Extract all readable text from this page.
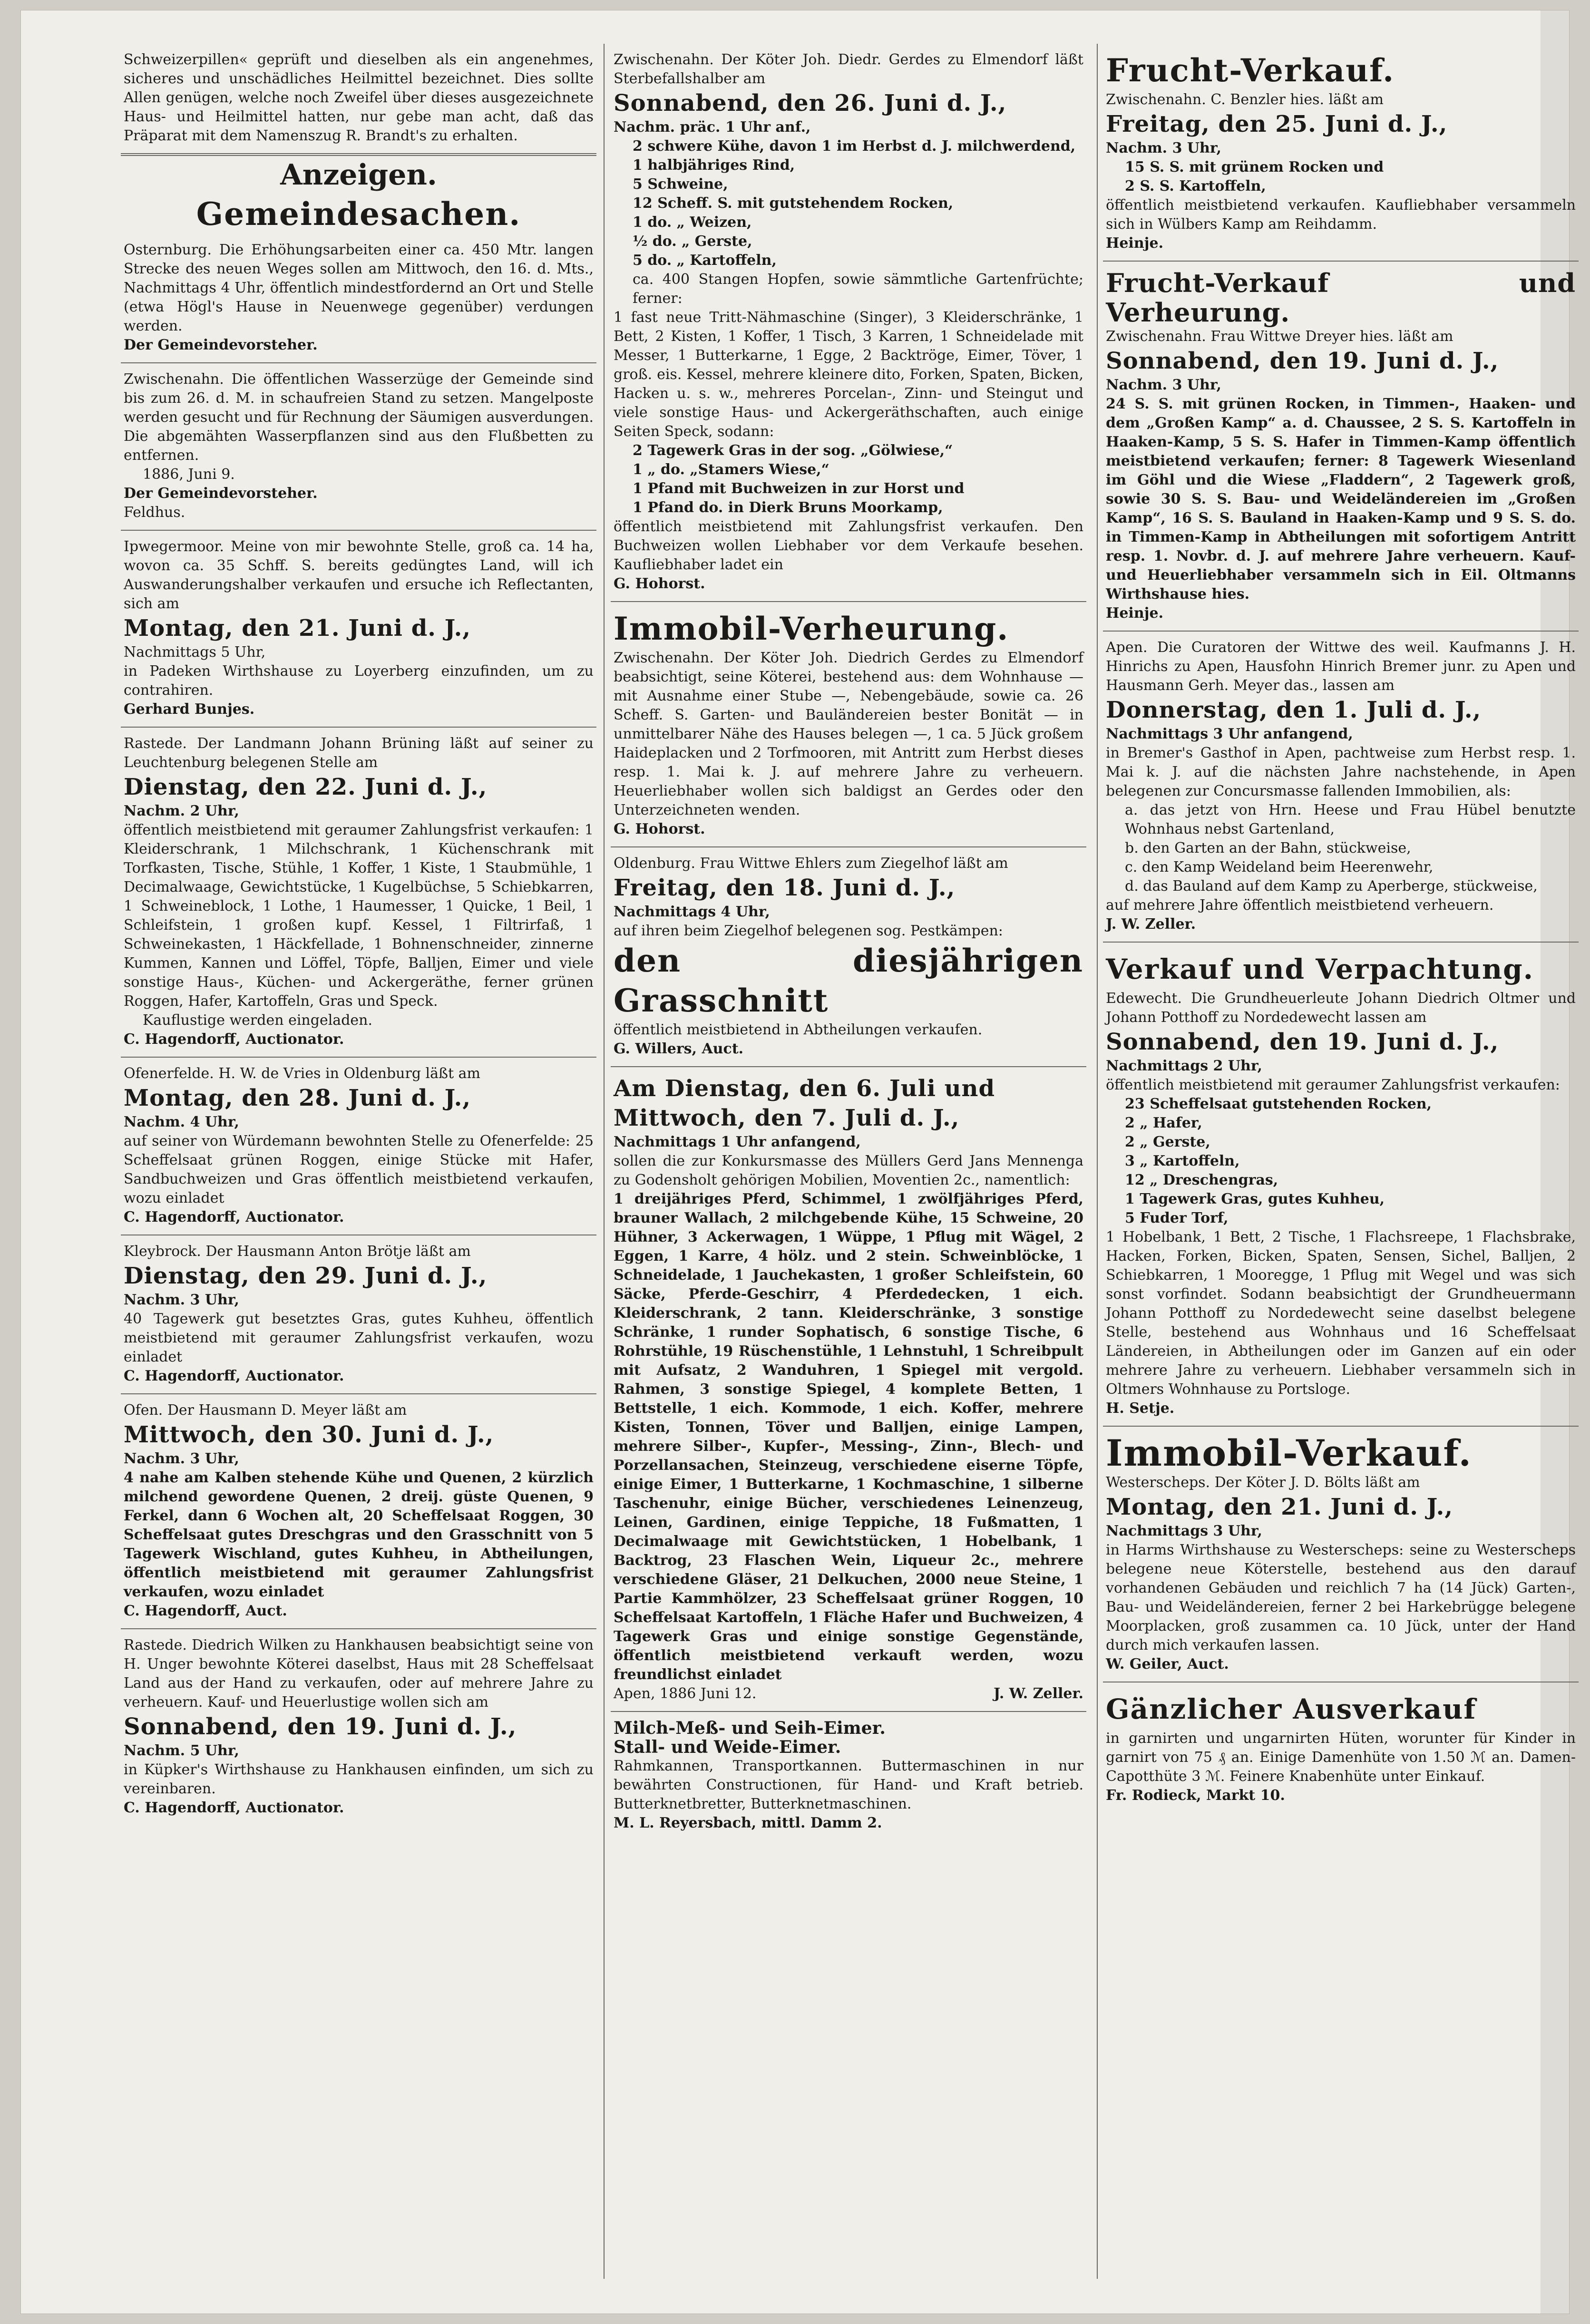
Schweizerpillen« geprüft und dieselben als ein angenehmes, sicheres und unschädliches Heilmittel bezeichnet. Dies sollte Allen genügen, welche noch Zweifel über dieses ausgezeichnete Haus- und Heilmittel hatten, nur gebe man acht, daß das Präparat mit dem Namenszug R. Brandt's zu erhalten.

Anzeigen.
Gemeindesachen.

Osternburg. Die Erhöhungsarbeiten einer ca. 450 Mtr. langen Strecke des neuen Weges sollen am Mittwoch, den 16. d. Mts., Nachmittags 4 Uhr, öffentlich mindestfordernd an Ort und Stelle (etwa Högl's Hause in Neuenwege gegenüber) verdungen werden.

Der Gemeindevorsteher.

Zwischenahn. Die öffentlichen Wasserzüge der Gemeinde sind bis zum 26. d. M. in schaufreien Stand zu setzen. Mangelposte werden gesucht und für Rechnung der Säumigen ausverdungen. Die abgemähten Wasserpflanzen sind aus den Flußbetten zu entfernen.

1886, Juni 9.

Der Gemeindevorsteher.

Feldhus.

Ipwegermoor. Meine von mir bewohnte Stelle, groß ca. 14 ha, wovon ca. 35 Schff. S. bereits gedüngtes Land, will ich Auswanderungshalber verkaufen und ersuche ich Reflectanten, sich am

Montag, den 21. Juni d. J.,

Nachmittags 5 Uhr,

in Padeken Wirthshause zu Loyerberg einzufinden, um zu contrahiren.

Gerhard Bunjes.

Rastede. Der Landmann Johann Brüning läßt auf seiner zu Leuchtenburg belegenen Stelle am

Dienstag, den 22. Juni d. J.,

Nachm. 2 Uhr,

öffentlich meistbietend mit geraumer Zahlungsfrist verkaufen: 1 Kleiderschrank, 1 Milchschrank, 1 Küchenschrank mit Torfkasten, Tische, Stühle, 1 Koffer, 1 Kiste, 1 Staubmühle, 1 Decimalwaage, Gewichtstücke, 1 Kugelbüchse, 5 Schiebkarren, 1 Schweineblock, 1 Lothe, 1 Haumesser, 1 Quicke, 1 Beil, 1 Schleifstein, 1 großen kupf. Kessel, 1 Filtrirfaß, 1 Schweinekasten, 1 Häckfellade, 1 Bohnenschneider, zinnerne Kummen, Kannen und Löffel, Töpfe, Balljen, Eimer und viele sonstige Haus-, Küchen- und Ackergeräthe, ferner grünen Roggen, Hafer, Kartoffeln, Gras und Speck.

Kauflustige werden eingeladen.

C. Hagendorff, Auctionator.

Ofenerfelde. H. W. de Vries in Oldenburg läßt am

Montag, den 28. Juni d. J.,

Nachm. 4 Uhr,

auf seiner von Würdemann bewohnten Stelle zu Ofenerfelde: 25 Scheffelsaat grünen Roggen, einige Stücke mit Hafer, Sandbuchweizen und Gras öffentlich meistbietend verkaufen, wozu einladet

C. Hagendorff, Auctionator.

Kleybrock. Der Hausmann Anton Brötje läßt am

Dienstag, den 29. Juni d. J.,

Nachm. 3 Uhr,

40 Tagewerk gut besetztes Gras, gutes Kuhheu, öffentlich meistbietend mit geraumer Zahlungsfrist verkaufen, wozu einladet

C. Hagendorff, Auctionator.

Ofen. Der Hausmann D. Meyer läßt am

Mittwoch, den 30. Juni d. J.,

Nachm. 3 Uhr,

4 nahe am Kalben stehende Kühe und Quenen, 2 kürzlich milchend gewordene Quenen, 2 dreij. güste Quenen, 9 Ferkel, dann 6 Wochen alt, 20 Scheffelsaat Roggen, 30 Scheffelsaat gutes Dreschgras und den Grasschnitt von 5 Tagewerk Wischland, gutes Kuhheu, in Abtheilungen, öffentlich meistbietend mit geraumer Zahlungsfrist verkaufen, wozu einladet

C. Hagendorff, Auct.

Rastede. Diedrich Wilken zu Hankhausen beabsichtigt seine von H. Unger bewohnte Köterei daselbst, Haus mit 28 Scheffelsaat Land aus der Hand zu verkaufen, oder auf mehrere Jahre zu verheuern. Kauf- und Heuerlustige wollen sich am

Sonnabend, den 19. Juni d. J.,

Nachm. 5 Uhr,

in Küpker's Wirthshause zu Hankhausen einfinden, um sich zu vereinbaren.

C. Hagendorff, Auctionator.

Zwischenahn. Der Köter Joh. Diedr. Gerdes zu Elmendorf läßt Sterbefallshalber am

Sonnabend, den 26. Juni d. J.,

Nachm. präc. 1 Uhr anf.,

2 schwere Kühe, davon 1 im Herbst d. J. milchwerdend,

1 halbjähriges Rind,

5 Schweine,

12 Scheff. S. mit gutstehendem Rocken,

1 do. „ Weizen,

½ do. „ Gerste,

5 do. „ Kartoffeln,

ca. 400 Stangen Hopfen, sowie sämmtliche Gartenfrüchte; ferner:

1 fast neue Tritt-Nähmaschine (Singer), 3 Kleiderschränke, 1 Bett, 2 Kisten, 1 Koffer, 1 Tisch, 3 Karren, 1 Schneidelade mit Messer, 1 Butterkarne, 1 Egge, 2 Backtröge, Eimer, Töver, 1 groß. eis. Kessel, mehrere kleinere dito, Forken, Spaten, Bicken, Hacken u. s. w., mehreres Porcelan-, Zinn- und Steingut und viele sonstige Haus- und Ackergeräthschaften, auch einige Seiten Speck, sodann:

2 Tagewerk Gras in der sog. „Gölwiese,“

1 „ do. „Stamers Wiese,“

1 Pfand mit Buchweizen in zur Horst und

1 Pfand do. in Dierk Bruns Moorkamp,

öffentlich meistbietend mit Zahlungsfrist verkaufen. Den Buchweizen wollen Liebhaber vor dem Verkaufe besehen. Kaufliebhaber ladet ein

G. Hohorst.

Immobil-Verheurung.

Zwischenahn. Der Köter Joh. Diedrich Gerdes zu Elmendorf beabsichtigt, seine Köterei, bestehend aus: dem Wohnhause — mit Ausnahme einer Stube —, Nebengebäude, sowie ca. 26 Scheff. S. Garten- und Bauländereien bester Bonität — in unmittelbarer Nähe des Hauses belegen —, 1 ca. 5 Jück großem Haideplacken und 2 Torfmooren, mit Antritt zum Herbst dieses resp. 1. Mai k. J. auf mehrere Jahre zu verheuern. Heuerliebhaber wollen sich baldigst an Gerdes oder den Unterzeichneten wenden.

G. Hohorst.

Oldenburg. Frau Wittwe Ehlers zum Ziegelhof läßt am

Freitag, den 18. Juni d. J.,

Nachmittags 4 Uhr,

auf ihren beim Ziegelhof belegenen sog. Pestkämpen:

den diesjährigen Grasschnitt

öffentlich meistbietend in Abtheilungen verkaufen.

G. Willers, Auct.

Am Dienstag, den 6. Juli und

Mittwoch, den 7. Juli d. J.,

Nachmittags 1 Uhr anfangend,

sollen die zur Konkursmasse des Müllers Gerd Jans Mennenga zu Godensholt gehörigen Mobilien, Moventien 2c., namentlich:

1 dreijähriges Pferd, Schimmel, 1 zwölfjähriges Pferd, brauner Wallach, 2 milchgebende Kühe, 15 Schweine, 20 Hühner, 3 Ackerwagen, 1 Wüppe, 1 Pflug mit Wägel, 2 Eggen, 1 Karre, 4 hölz. und 2 stein. Schweinblöcke, 1 Schneidelade, 1 Jauchekasten, 1 großer Schleifstein, 60 Säcke, Pferde-Geschirr, 4 Pferdedecken, 1 eich. Kleiderschrank, 2 tann. Kleiderschränke, 3 sonstige Schränke, 1 runder Sophatisch, 6 sonstige Tische, 6 Rohrstühle, 19 Rüschenstühle, 1 Lehnstuhl, 1 Schreibpult mit Aufsatz, 2 Wanduhren, 1 Spiegel mit vergold. Rahmen, 3 sonstige Spiegel, 4 komplete Betten, 1 Bettstelle, 1 eich. Kommode, 1 eich. Koffer, mehrere Kisten, Tonnen, Töver und Balljen, einige Lampen, mehrere Silber-, Kupfer-, Messing-, Zinn-, Blech- und Porzellansachen, Steinzeug, verschiedene eiserne Töpfe, einige Eimer, 1 Butterkarne, 1 Kochmaschine, 1 silberne Taschenuhr, einige Bücher, verschiedenes Leinenzeug, Leinen, Gardinen, einige Teppiche, 18 Fußmatten, 1 Decimalwaage mit Gewichtstücken, 1 Hobelbank, 1 Backtrog, 23 Flaschen Wein, Liqueur 2c., mehrere verschiedene Gläser, 21 Delkuchen, 2000 neue Steine, 1 Partie Kammhölzer, 23 Scheffelsaat grüner Roggen, 10 Scheffelsaat Kartoffeln, 1 Fläche Hafer und Buchweizen, 4 Tagewerk Gras und einige sonstige Gegenstände, öffentlich meistbietend verkauft werden, wozu freundlichst einladet

Apen, 1886 Juni 12.	J. W. Zeller.

Milch-Meß- und Seih-Eimer.

Stall- und Weide-Eimer.

Rahmkannen, Transportkannen. Buttermaschinen in nur bewährten Constructionen, für Hand- und Kraft betrieb. Butterknetbretter, Butterknetmaschinen.

M. L. Reyersbach, mittl. Damm 2.

Frucht-Verkauf.

Zwischenahn. C. Benzler hies. läßt am

Freitag, den 25. Juni d. J.,

Nachm. 3 Uhr,

15 S. S. mit grünem Rocken und

2 S. S. Kartoffeln,

öffentlich meistbietend verkaufen. Kaufliebhaber versammeln sich in Wülbers Kamp am Reihdamm.

Heinje.

Frucht-Verkauf und Verheurung.

Zwischenahn. Frau Wittwe Dreyer hies. läßt am

Sonnabend, den 19. Juni d. J.,

Nachm. 3 Uhr,

24 S. S. mit grünen Rocken, in Timmen-, Haaken- und dem „Großen Kamp“ a. d. Chaussee, 2 S. S. Kartoffeln in Haaken-Kamp, 5 S. S. Hafer in Timmen-Kamp öffentlich meistbietend verkaufen; ferner: 8 Tagewerk Wiesenland im Göhl und die Wiese „Fladdern“, 2 Tagewerk groß, sowie 30 S. S. Bau- und Weideländereien im „Großen Kamp“, 16 S. S. Bauland in Haaken-Kamp und 9 S. S. do. in Timmen-Kamp in Abtheilungen mit sofortigem Antritt resp. 1. Novbr. d. J. auf mehrere Jahre verheuern. Kauf- und Heuerliebhaber versammeln sich in Eil. Oltmanns Wirthshause hies.

Heinje.

Apen. Die Curatoren der Wittwe des weil. Kaufmanns J. H. Hinrichs zu Apen, Hausfohn Hinrich Bremer junr. zu Apen und Hausmann Gerh. Meyer das., lassen am

Donnerstag, den 1. Juli d. J.,

Nachmittags 3 Uhr anfangend,

in Bremer's Gasthof in Apen, pachtweise zum Herbst resp. 1. Mai k. J. auf die nächsten Jahre nachstehende, in Apen belegenen zur Concursmasse fallenden Immobilien, als:

a. das jetzt von Hrn. Heese und Frau Hübel benutzte Wohnhaus nebst Gartenland,

b. den Garten an der Bahn, stückweise,

c. den Kamp Weideland beim Heerenwehr,

d. das Bauland auf dem Kamp zu Aperberge, stückweise,

auf mehrere Jahre öffentlich meistbietend verheuern.

J. W. Zeller.

Verkauf und Verpachtung.

Edewecht. Die Grundheuerleute Johann Diedrich Oltmer und Johann Potthoff zu Nordedewecht lassen am

Sonnabend, den 19. Juni d. J.,

Nachmittags 2 Uhr,

öffentlich meistbietend mit geraumer Zahlungsfrist verkaufen:

23 Scheffelsaat gutstehenden Rocken,

2 „ Hafer,

2 „ Gerste,

3 „ Kartoffeln,

12 „ Dreschengras,

1 Tagewerk Gras, gutes Kuhheu,

5 Fuder Torf,

1 Hobelbank, 1 Bett, 2 Tische, 1 Flachsreepe, 1 Flachsbrake, Hacken, Forken, Bicken, Spaten, Sensen, Sichel, Balljen, 2 Schiebkarren, 1 Mooregge, 1 Pflug mit Wegel und was sich sonst vorfindet. Sodann beabsichtigt der Grundheuermann Johann Potthoff zu Nordedewecht seine daselbst belegene Stelle, bestehend aus Wohnhaus und 16 Scheffelsaat Ländereien, in Abtheilungen oder im Ganzen auf ein oder mehrere Jahre zu verheuern. Liebhaber versammeln sich in Oltmers Wohnhause zu Portsloge.

H. Setje.

Immobil-Verkauf.

Westerscheps. Der Köter J. D. Bölts läßt am

Montag, den 21. Juni d. J.,

Nachmittags 3 Uhr,

in Harms Wirthshause zu Westerscheps: seine zu Westerscheps belegene neue Köterstelle, bestehend aus den darauf vorhandenen Gebäuden und reichlich 7 ha (14 Jück) Garten-, Bau- und Weideländereien, ferner 2 bei Harkebrügge belegene Moorplacken, groß zusammen ca. 10 Jück, unter der Hand durch mich verkaufen lassen.

W. Geiler, Auct.

Gänzlicher Ausverkauf

in garnirten und ungarnirten Hüten, worunter für Kinder in garnirt von 75 ₰ an. Einige Damenhüte von 1.50 ℳ an. Damen-Capotthüte 3 ℳ. Feinere Knabenhüte unter Einkauf.

Fr. Rodieck, Markt 10.
